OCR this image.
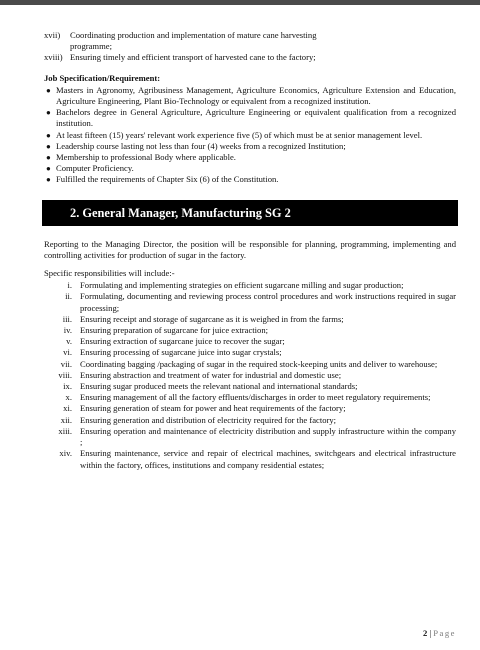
xvii)	Coordinating production and implementation of mature cane harvesting
programme;
xviii) Ensuring timely and efficient transport of harvested cane to the factory;
Job Specification/Requirement:
● Masters in Agronomy, Agribusiness Management, Agriculture Economics, Agriculture Extension and Education, Agriculture Engineering, Plant Bio-Technology or equivalent from a recognized institution.
● Bachelors degree in General Agriculture, Agriculture Engineering or equivalent qualification from a recognized institution.
● At least fifteen (15) years' relevant work experience five (5) of which must be at senior management level.
● Leadership course lasting not less than four (4) weeks from a recognized Institution;
● Membership to professional Body where applicable.
● Computer Proficiency.
● Fulfilled the requirements of Chapter Six (6) of the Constitution.
2. General Manager, Manufacturing SG 2
Reporting to the Managing Director, the position will be responsible for planning, programming, implementing and controlling activities for production of sugar in the factory.
Specific responsibilities will include:-
i. Formulating and implementing strategies on efficient sugarcane milling and sugar production;
ii. Formulating, documenting and reviewing process control procedures and work instructions required in sugar processing;
iii. Ensuring receipt and storage of sugarcane as it is weighed in from the farms;
iv. Ensuring preparation of sugarcane for juice extraction;
v. Ensuring extraction of sugarcane juice to recover the sugar;
vi. Ensuring processing of sugarcane juice into sugar crystals;
vii. Coordinating bagging /packaging of sugar in the required stock-keeping units and deliver to warehouse;
viii. Ensuring abstraction and treatment of water for industrial and domestic use;
ix. Ensuring sugar produced meets the relevant national and international standards;
x. Ensuring management of all the factory effluents/discharges in order to meet regulatory requirements;
xi. Ensuring generation of steam for power and heat requirements of the factory;
xii. Ensuring generation and distribution of electricity required for the factory;
xiii. Ensuring operation and maintenance of electricity distribution and supply infrastructure within the company ;
xiv. Ensuring maintenance, service and repair of electrical machines, switchgears and electrical infrastructure within the factory, offices, institutions and company residential estates;
2 | Page
